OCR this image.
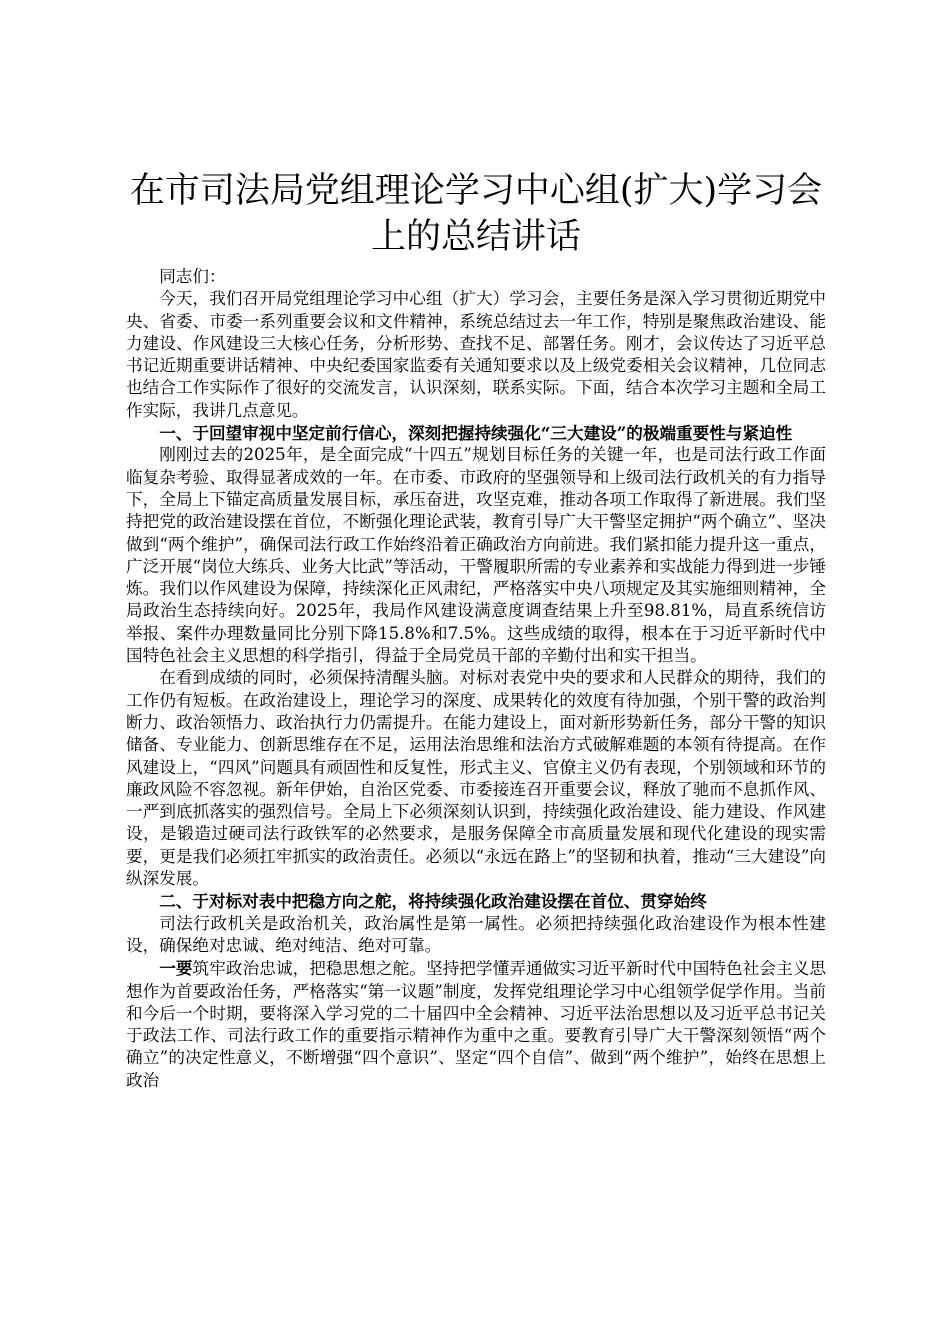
在市司法局党组理论学习中心组(扩大)学习会
上的总结讲话

同志们：

今天，我们召开局党组理论学习中心组（扩大）学习会，主要任务是深入学习贯彻近期党中央、省委、市委一系列重要会议和文件精神，系统总结过去一年工作，特别是聚焦政治建设、能力建设、作风建设三大核心任务，分析形势、查找不足、部署任务。刚才，会议传达了习近平总书记近期重要讲话精神、中央纪委国家监委有关通知要求以及上级党委相关会议精神，几位同志也结合工作实际作了很好的交流发言，认识深刻，联系实际。下面，结合本次学习主题和全局工作实际，我讲几点意见。

一、于回望审视中坚定前行信心，深刻把握持续强化“三大建设”的极端重要性与紧迫性

刚刚过去的2025年，是全面完成“十四五”规划目标任务的关键一年，也是司法行政工作面临复杂考验、取得显著成效的一年。在市委、市政府的坚强领导和上级司法行政机关的有力指导下，全局上下锚定高质量发展目标，承压奋进，攻坚克难，推动各项工作取得了新进展。我们坚持把党的政治建设摆在首位，不断强化理论武装，教育引导广大干警坚定拥护“两个确立”、坚决做到“两个维护”，确保司法行政工作始终沿着正确政治方向前进。我们紧扣能力提升这一重点，广泛开展“岗位大练兵、业务大比武”等活动，干警履职所需的专业素养和实战能力得到进一步锤炼。我们以作风建设为保障，持续深化正风肃纪，严格落实中央八项规定及其实施细则精神，全局政治生态持续向好。2025年，我局作风建设满意度调查结果上升至98.81%，局直系统信访举报、案件办理数量同比分别下降15.8%和7.5%。这些成绩的取得，根本在于习近平新时代中国特色社会主义思想的科学指引，得益于全局党员干部的辛勤付出和实干担当。

在看到成绩的同时，必须保持清醒头脑。对标对表党中央的要求和人民群众的期待，我们的工作仍有短板。在政治建设上，理论学习的深度、成果转化的效度有待加强，个别干警的政治判断力、政治领悟力、政治执行力仍需提升。在能力建设上，面对新形势新任务，部分干警的知识储备、专业能力、创新思维存在不足，运用法治思维和法治方式破解难题的本领有待提高。在作风建设上，“四风”问题具有顽固性和反复性，形式主义、官僚主义仍有表现，个别领域和环节的廉政风险不容忽视。新年伊始，自治区党委、市委接连召开重要会议，释放了驰而不息抓作风、一严到底抓落实的强烈信号。全局上下必须深刻认识到，持续强化政治建设、能力建设、作风建设，是锻造过硬司法行政铁军的必然要求，是服务保障全市高质量发展和现代化建设的现实需要，更是我们必须扛牢抓实的政治责任。必须以“永远在路上”的坚韧和执着，推动“三大建设”向纵深发展。

二、于对标对表中把稳方向之舵，将持续强化政治建设摆在首位、贯穿始终

司法行政机关是政治机关，政治属性是第一属性。必须把持续强化政治建设作为根本性建设，确保绝对忠诚、绝对纯洁、绝对可靠。

一要筑牢政治忠诚，把稳思想之舵。坚持把学懂弄通做实习近平新时代中国特色社会主义思想作为首要政治任务，严格落实“第一议题”制度，发挥党组理论学习中心组领学促学作用。当前和今后一个时期，要将深入学习党的二十届四中全会精神、习近平法治思想以及习近平总书记关于政法工作、司法行政工作的重要指示精神作为重中之重。要教育引导广大干警深刻领悟“两个确立”的决定性意义，不断增强“四个意识”、坚定“四个自信”、做到“两个维护”，始终在思想上政治
